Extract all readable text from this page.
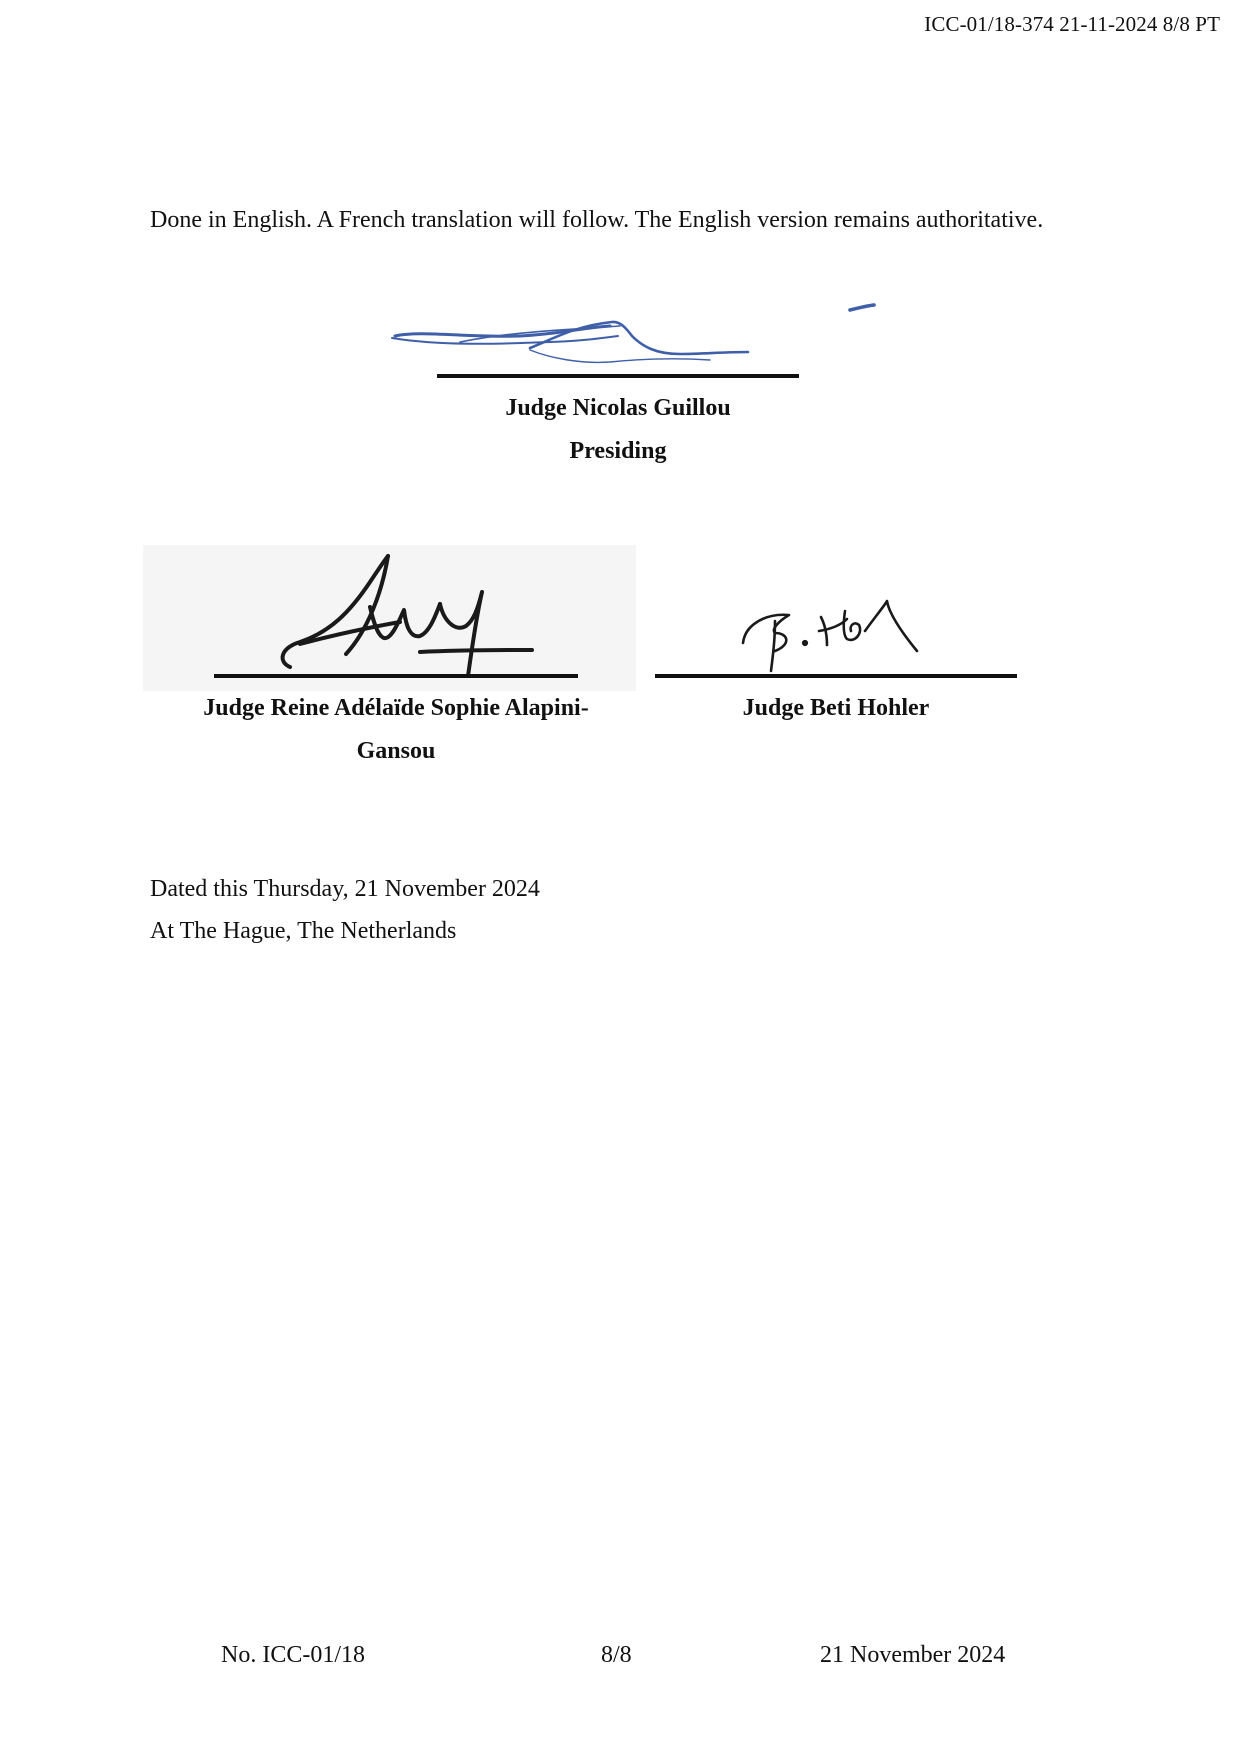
ICC-01/18-374 21-11-2024 8/8 PT
Done in English. A French translation will follow. The English version remains authoritative.
Judge Nicolas Guillou
Presiding
Judge Reine Adélaïde Sophie Alapini-
Gansou
Judge Beti Hohler
Dated this Thursday, 21 November 2024
At The Hague, The Netherlands
No. ICC-01/18	8/8	21 November 2024
